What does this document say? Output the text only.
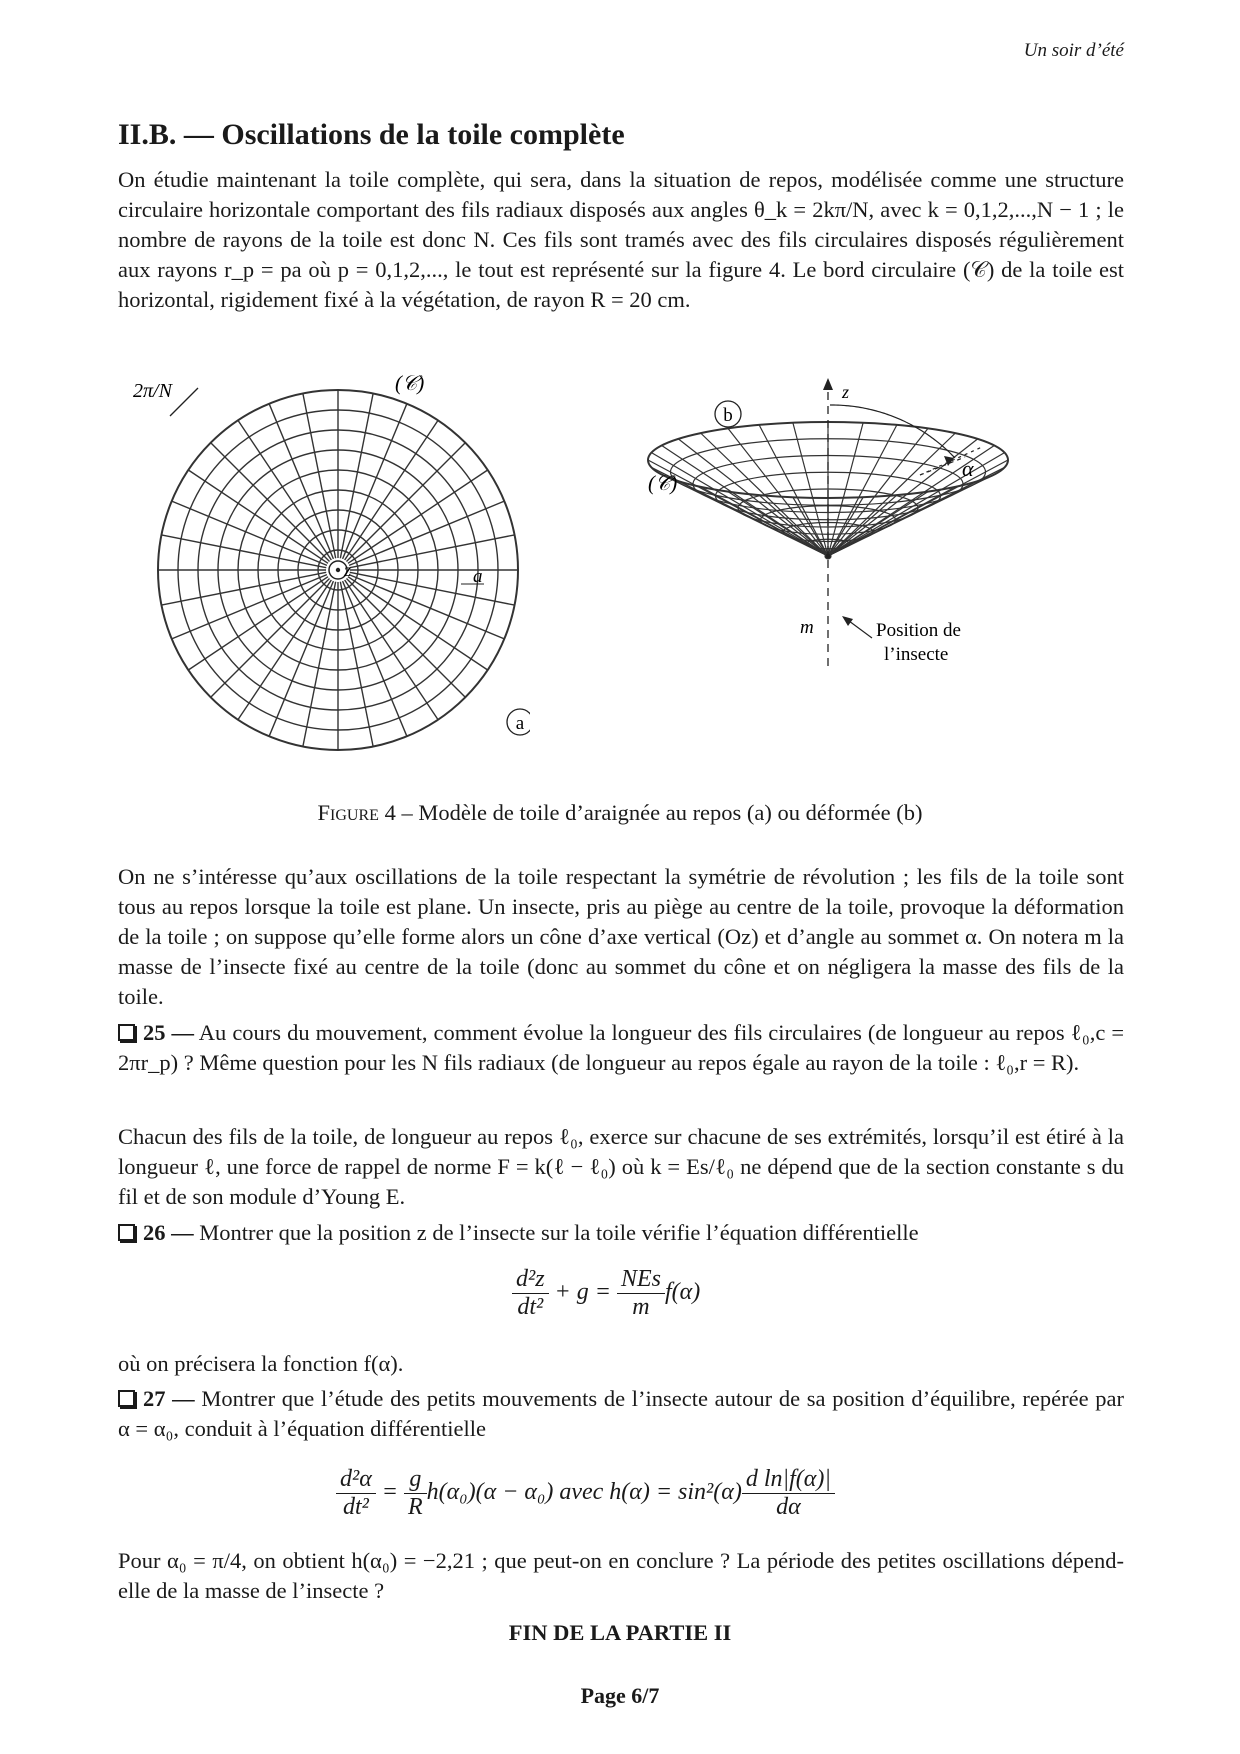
Un soir d’été
II.B. — Oscillations de la toile complète

On étudie maintenant la toile complète, qui sera, dans la situation de repos, modélisée comme une structure circulaire horizontale comportant des fils radiaux disposés aux angles θ_k = 2kπ/N, avec k = 0,1,2,...,N − 1 ; le nombre de rayons de la toile est donc N. Ces fils sont tramés avec des fils circulaires disposés régulièrement aux rayons r_p = pa où p = 0,1,2,..., le tout est représenté sur la figure 4. Le bord circulaire (𝒞) de la toile est horizontal, rigidement fixé à la végétation, de rayon R = 20 cm.

2π/N	(𝒞)
z	a
a
z
α
b
(𝒞)
m	Position de
l’insecte
Figure 4 – Modèle de toile d’araignée au repos (a) ou déformée (b)

On ne s’intéresse qu’aux oscillations de la toile respectant la symétrie de révolution ; les fils de la toile sont tous au repos lorsque la toile est plane. Un insecte, pris au piège au centre de la toile, provoque la déformation de la toile ; on suppose qu’elle forme alors un cône d’axe vertical (Oz) et d’angle au sommet α. On notera m la masse de l’insecte fixé au centre de la toile (donc au sommet du cône et on négligera la masse des fils de la toile.

25 — Au cours du mouvement, comment évolue la longueur des fils circulaires (de longueur au repos ℓ₀,c = 2πr_p) ? Même question pour les N fils radiaux (de longueur au repos égale au rayon de la toile : ℓ₀,r = R).

Chacun des fils de la toile, de longueur au repos ℓ₀, exerce sur chacune de ses extrémités, lorsqu’il est étiré à la longueur ℓ, une force de rappel de norme F = k(ℓ − ℓ₀) où k = Es/ℓ₀ ne dépend que de la section constante s du fil et de son module d’Young E.

26 — Montrer que la position z de l’insecte sur la toile vérifie l’équation différentielle

$\frac{\text{d²z}}{\text{dt²}} + g = \frac{\text{NEs}}{m} f(\alpha)$

où on précisera la fonction f(α).

27 — Montrer que l’étude des petits mouvements de l’insecte autour de sa position d’équilibre, repérée par α = α₀, conduit à l’équation différentielle

$\frac{\text{d²α}}{\text{dt²}} = \frac{g}{R} h(\alpha_0)(\alpha - \alpha_0)$ avec $h(\alpha) = \sin^2(\alpha) \frac{\text{d ln|f(α)|}}{d\alpha}$

Pour α₀ = π/4, on obtient h(α₀) = −2,21 ; que peut-on en conclure ? La période des petites oscillations dépend-elle de la masse de l’insecte ?

FIN DE LA PARTIE II
Page 6/7
